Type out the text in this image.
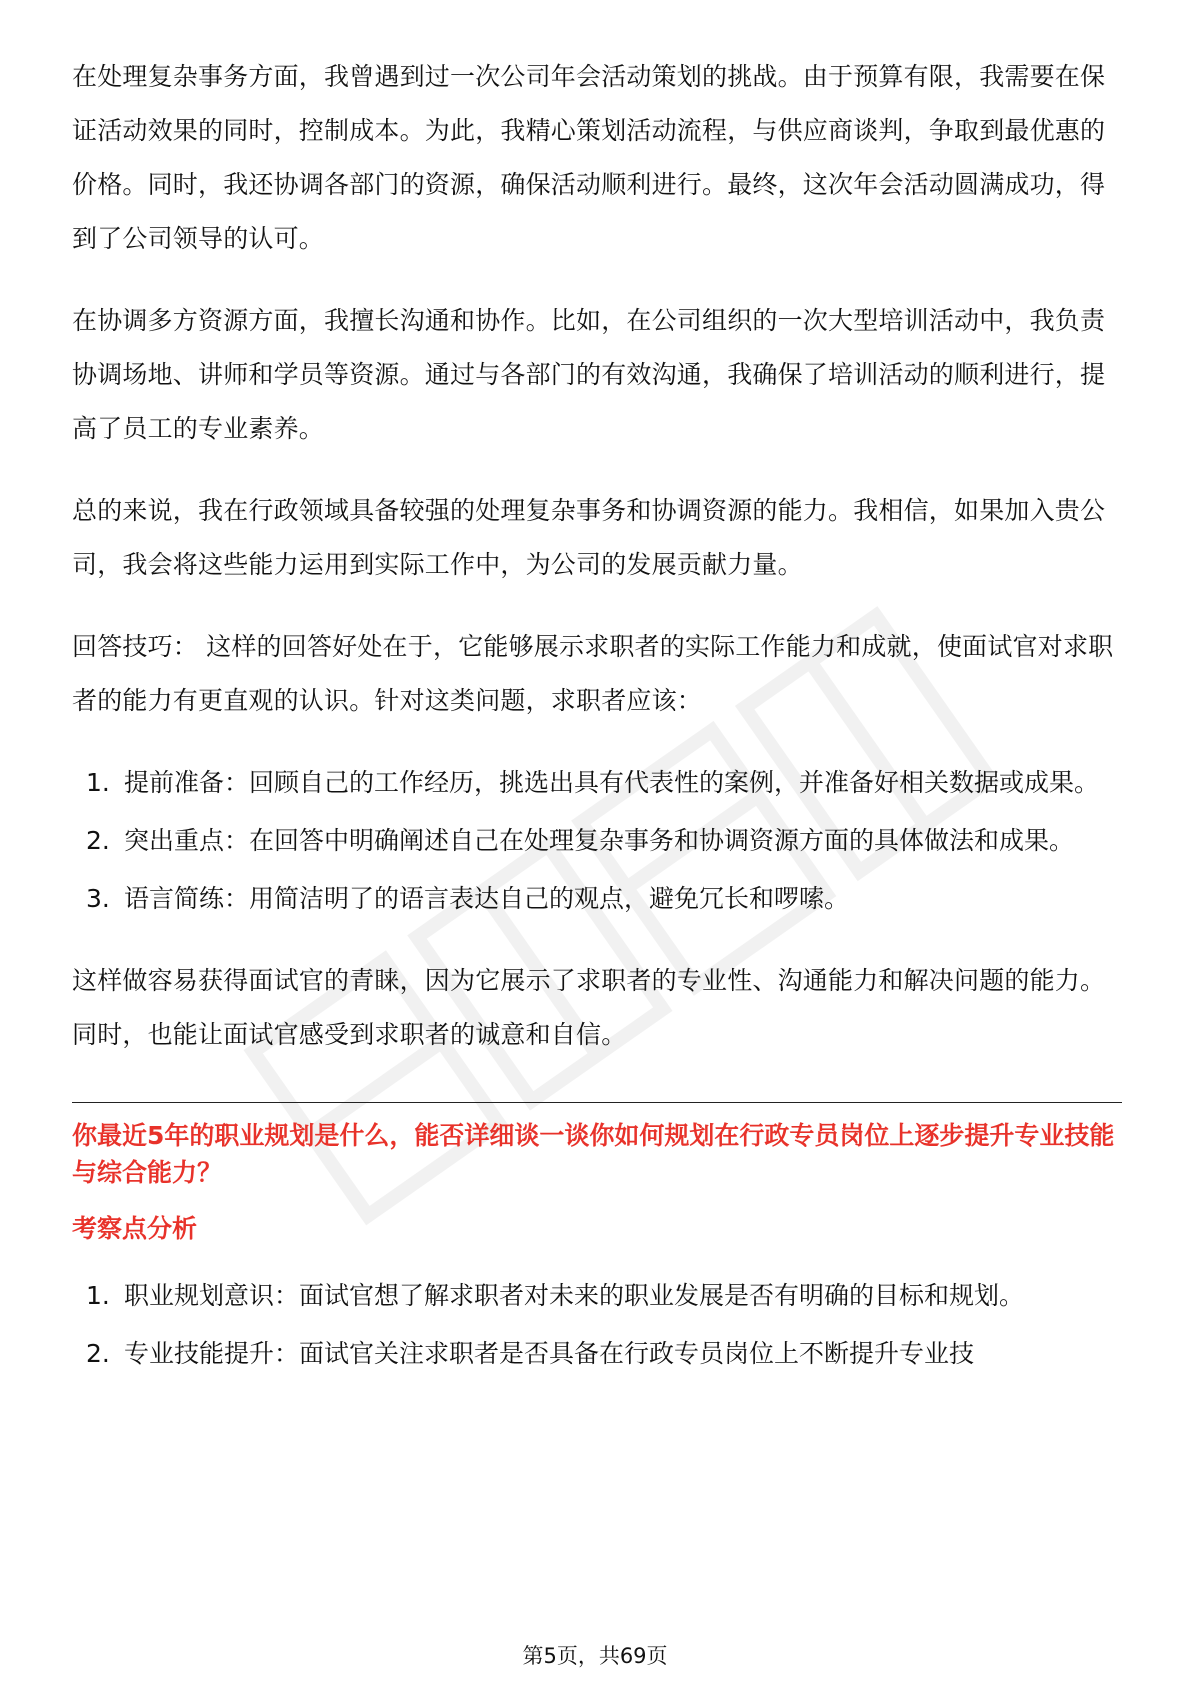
在处理复杂事务方面，我曾遇到过一次公司年会活动策划的挑战。由于预算有限，我需要在保证活动效果的同时，控制成本。为此，我精心策划活动流程，与供应商谈判，争取到最优惠的价格。同时，我还协调各部门的资源，确保活动顺利进行。最终，这次年会活动圆满成功，得到了公司领导的认可。

在协调多方资源方面，我擅长沟通和协作。比如，在公司组织的一次大型培训活动中，我负责协调场地、讲师和学员等资源。通过与各部门的有效沟通，我确保了培训活动的顺利进行，提高了员工的专业素养。

总的来说，我在行政领域具备较强的处理复杂事务和协调资源的能力。我相信，如果加入贵公司，我会将这些能力运用到实际工作中，为公司的发展贡献力量。

回答技巧： 这样的回答好处在于，它能够展示求职者的实际工作能力和成就，使面试官对求职者的能力有更直观的认识。针对这类问题，求职者应该：

1. 提前准备：回顾自己的工作经历，挑选出具有代表性的案例，并准备好相关数据或成果。
2. 突出重点：在回答中明确阐述自己在处理复杂事务和协调资源方面的具体做法和成果。
3. 语言简练：用简洁明了的语言表达自己的观点，避免冗长和啰嗦。

这样做容易获得面试官的青睐，因为它展示了求职者的专业性、沟通能力和解决问题的能力。同时，也能让面试官感受到求职者的诚意和自信。

你最近5年的职业规划是什么，能否详细谈一谈你如何规划在行政专员岗位上逐步提升专业技能与综合能力？

考察点分析

1. 职业规划意识：面试官想了解求职者对未来的职业发展是否有明确的目标和规划。
2. 专业技能提升：面试官关注求职者是否具备在行政专员岗位上不断提升专业技
第5页，共69页
